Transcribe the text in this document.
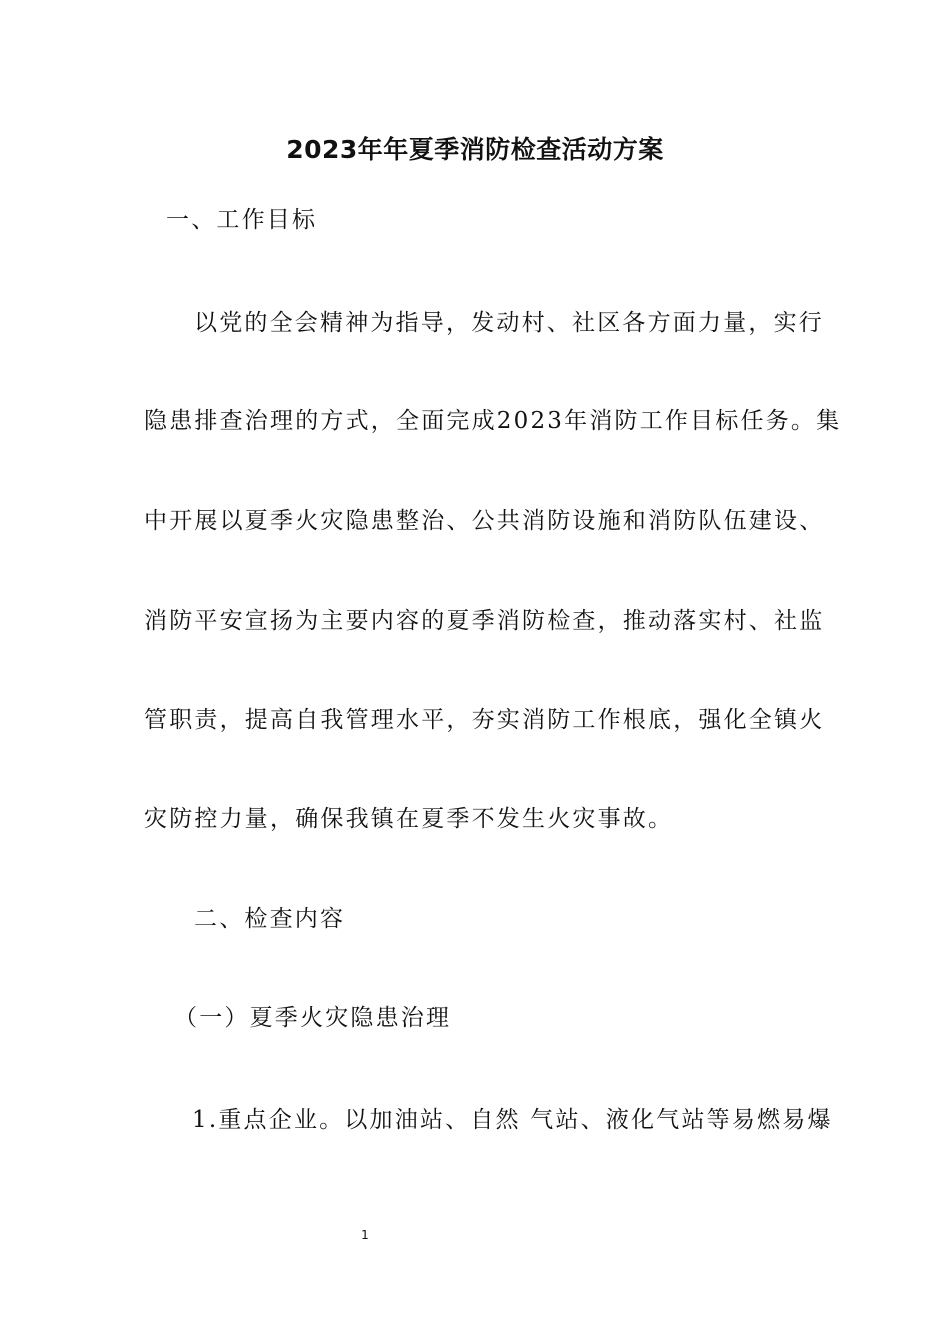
2023年年夏季消防检查活动方案
一、工作目标
以党的全会精神为指导，发动村、社区各方面力量，实行
隐患排查治理的方式，全面完成2023年消防工作目标任务。集
中开展以夏季火灾隐患整治、公共消防设施和消防队伍建设、
消防平安宣扬为主要内容的夏季消防检查，推动落实村、社监
管职责，提高自我管理水平，夯实消防工作根底，强化全镇火
灾防控力量，确保我镇在夏季不发生火灾事故。
二、检查内容
（一）夏季火灾隐患治理
1.重点企业。以加油站、自然 气站、液化气站等易燃易爆
1
